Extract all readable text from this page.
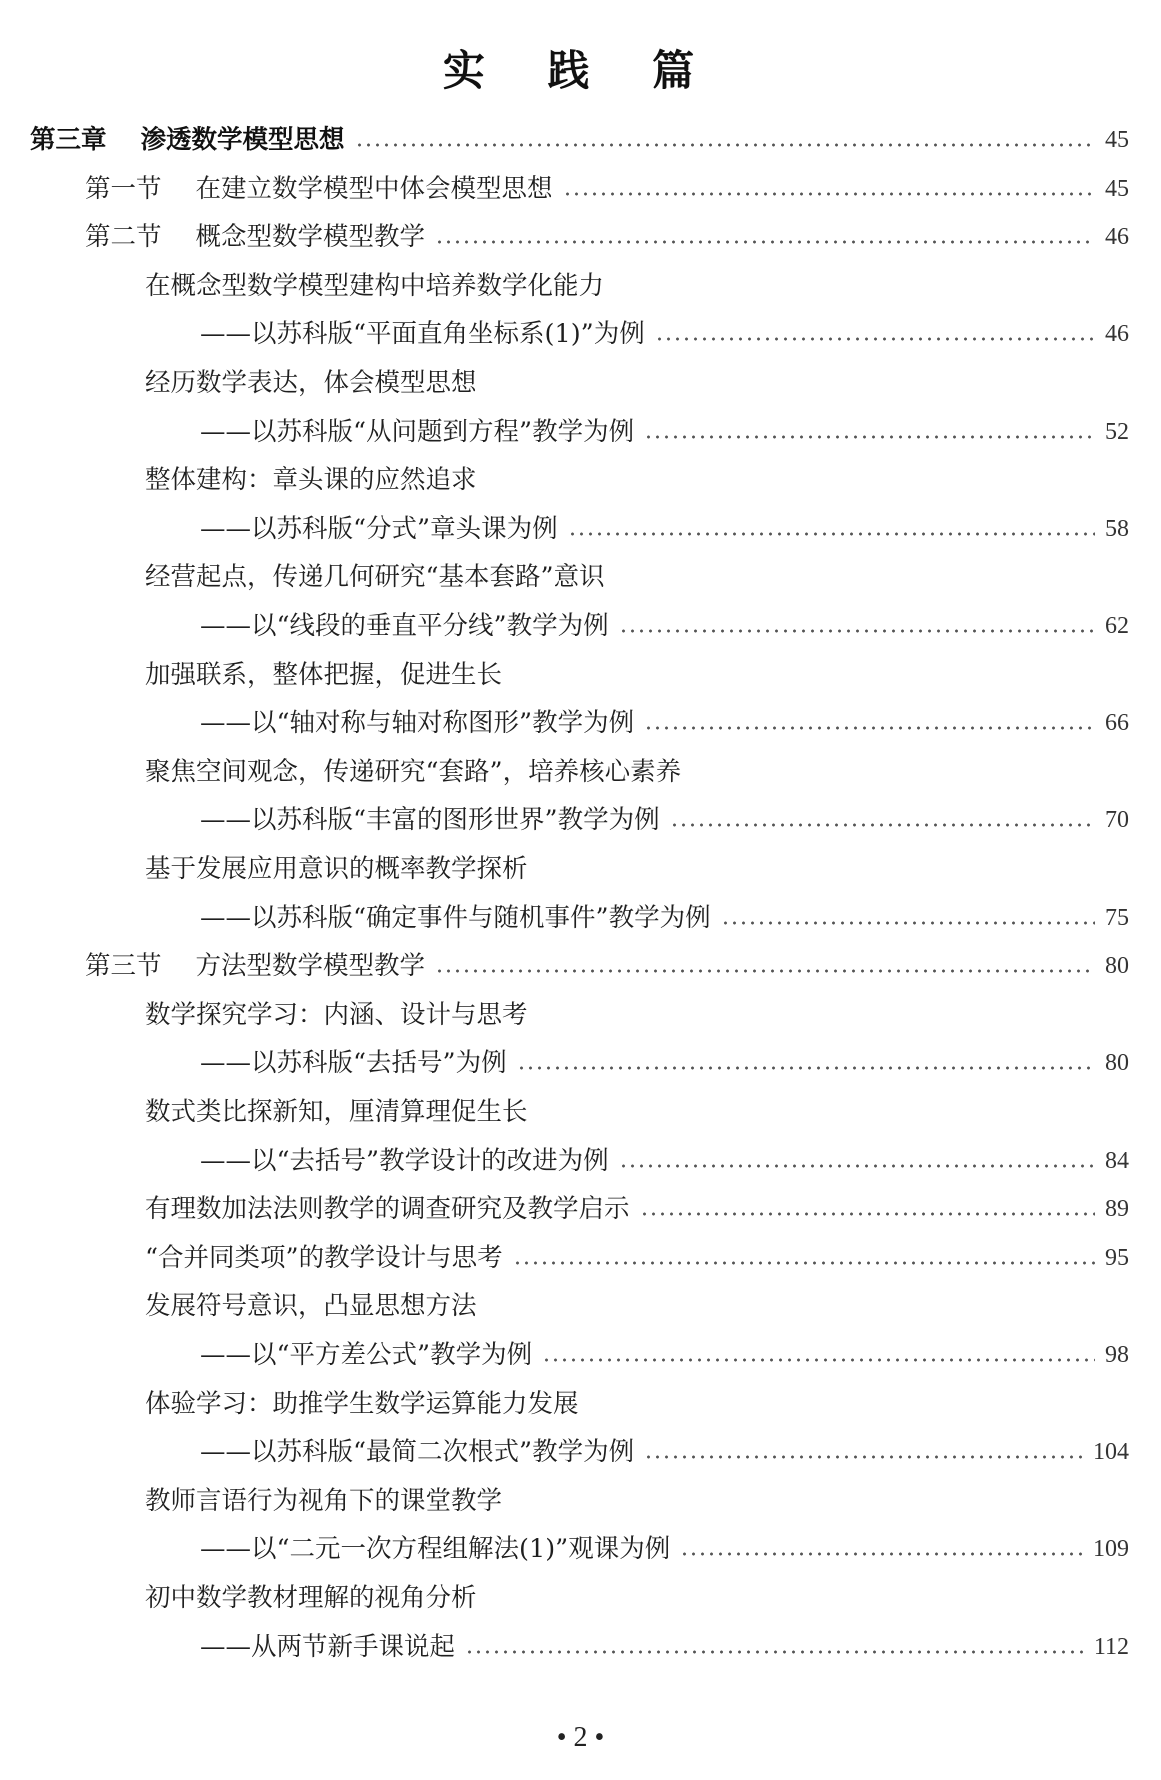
实 践 篇
第三章 渗透数学模型思想	45
第一节 在建立数学模型中体会模型思想	45
第二节 概念型数学模型教学	46
在概念型数学模型建构中培养数学化能力
——以苏科版“平面直角坐标系(1)”为例	46
经历数学表达，体会模型思想
——以苏科版“从问题到方程”教学为例	52
整体建构：章头课的应然追求
——以苏科版“分式”章头课为例	58
经营起点，传递几何研究“基本套路”意识
——以“线段的垂直平分线”教学为例	62
加强联系，整体把握，促进生长
——以“轴对称与轴对称图形”教学为例	66
聚焦空间观念，传递研究“套路”，培养核心素养
——以苏科版“丰富的图形世界”教学为例	70
基于发展应用意识的概率教学探析
——以苏科版“确定事件与随机事件”教学为例	75
第三节 方法型数学模型教学	80
数学探究学习：内涵、设计与思考
——以苏科版“去括号”为例	80
数式类比探新知，厘清算理促生长
——以“去括号”教学设计的改进为例	84
有理数加法法则教学的调查研究及教学启示	89
“合并同类项”的教学设计与思考	95
发展符号意识，凸显思想方法
——以“平方差公式”教学为例	98
体验学习：助推学生数学运算能力发展
——以苏科版“最简二次根式”教学为例	104
教师言语行为视角下的课堂教学
——以“二元一次方程组解法(1)”观课为例	109
初中数学教材理解的视角分析
——从两节新手课说起	112
• 2 •
